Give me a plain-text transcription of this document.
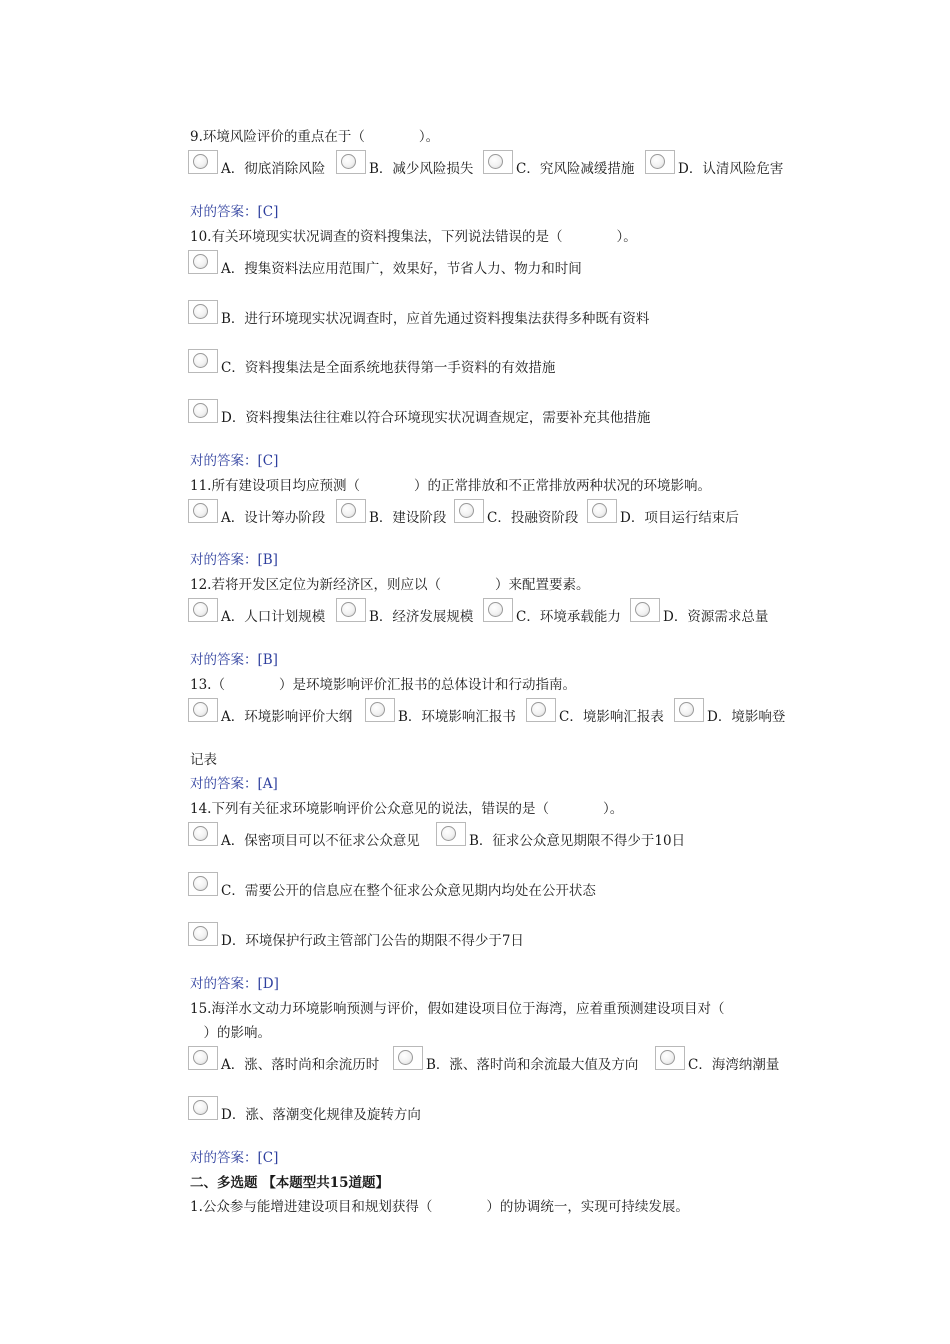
9.环境风险评价的重点在于（　　　　）。
A．彻底消除风险	B．减少风险损失	C．究风险减缓措施	D．认清风险危害
对的答案：[C]
10.有关环境现实状况调查的资料搜集法，下列说法错误的是（　　　　）。
A．搜集资料法应用范围广，效果好，节省人力、物力和时间
B．进行环境现实状况调查时，应首先通过资料搜集法获得多种既有资料
C．资料搜集法是全面系统地获得第一手资料的有效措施
D．资料搜集法往往难以符合环境现实状况调查规定，需要补充其他措施
对的答案：[C]
11.所有建设项目均应预测（　　　　）的正常排放和不正常排放两种状况的环境影响。
A．设计筹办阶段	B．建设阶段	C．投融资阶段	D．项目运行结束后
对的答案：[B]
12.若将开发区定位为新经济区，则应以（　　　　）来配置要素。
A．人口计划规模	B．经济发展规模	C．环境承载能力	D．资源需求总量
对的答案：[B]
13.（　　　　）是环境影响评价汇报书的总体设计和行动指南。
A．环境影响评价大纲	B．环境影响汇报书	C．境影响汇报表	D．境影响登
记表
对的答案：[A]
14.下列有关征求环境影响评价公众意见的说法，错误的是（　　　　）。
A．保密项目可以不征求公众意见	B．征求公众意见期限不得少于10日
C．需要公开的信息应在整个征求公众意见期内均处在公开状态
D．环境保护行政主管部门公告的期限不得少于7日
对的答案：[D]
15.海洋水文动力环境影响预测与评价，假如建设项目位于海湾，应着重预测建设项目对（
　）的影响。
A．涨、落时尚和余流历时	B．涨、落时尚和余流最大值及方向	C．海湾纳潮量
D．涨、落潮变化规律及旋转方向
对的答案：[C]
二、多选题 【本题型共15道题】
1.公众参与能增进建设项目和规划获得（　　　　）的协调统一，实现可持续发展。
